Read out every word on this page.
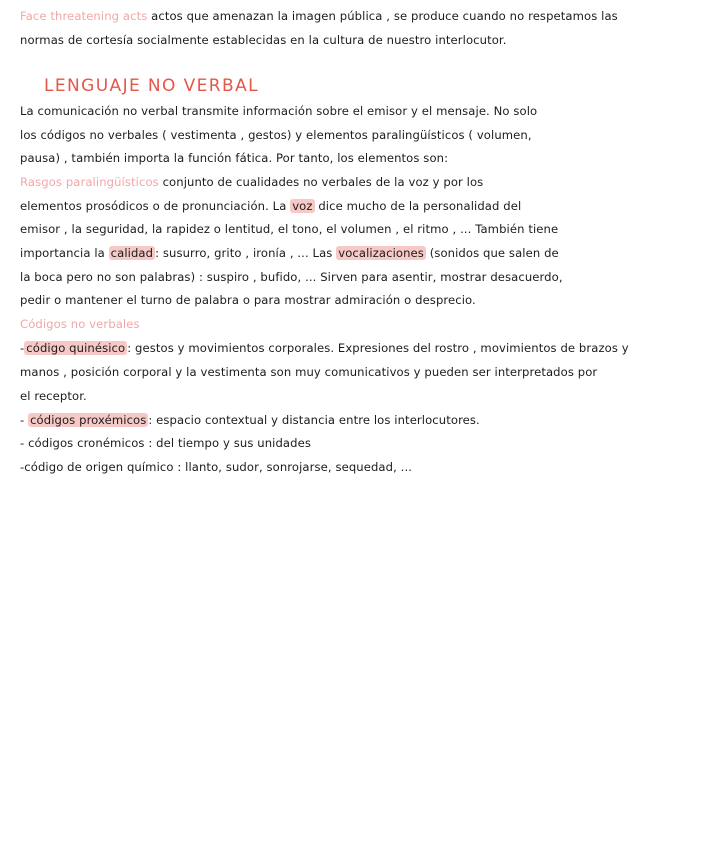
Face threatening acts actos que amenazan la imagen pública , se produce cuando no respetamos las
normas de cortesía socialmente establecidas en la cultura de nuestro interlocutor.
LENGUAJE NO VERBAL
La comunicación no verbal transmite información sobre el emisor y el mensaje. No solo
los códigos no verbales ( vestimenta , gestos) y elementos paralingüísticos ( volumen,
pausa) , también importa la función fática. Por tanto, los elementos son:
Rasgos paralingüísticos conjunto de cualidades no verbales de la voz y por los
elementos prosódicos o de pronunciación. La voz dice mucho de la personalidad del
emisor , la seguridad, la rapidez o lentitud, el tono, el volumen , el ritmo , ... También tiene
importancia la calidad : susurro, grito , ironía , ... Las vocalizaciones (sonidos que salen de
la boca pero no son palabras) : suspiro , bufido, ... Sirven para asentir, mostrar desacuerdo,
pedir o mantener el turno de palabra o para mostrar admiración o desprecio.
Códigos no verbales
- código quinésico : gestos y movimientos corporales. Expresiones del rostro , movimientos de brazos y
manos , posición corporal y la vestimenta son muy comunicativos y pueden ser interpretados por
el receptor.
- códigos proxémicos : espacio contextual y distancia entre los interlocutores.
- códigos cronémicos : del tiempo y sus unidades
-código de origen químico : llanto, sudor, sonrojarse, sequedad, ...
